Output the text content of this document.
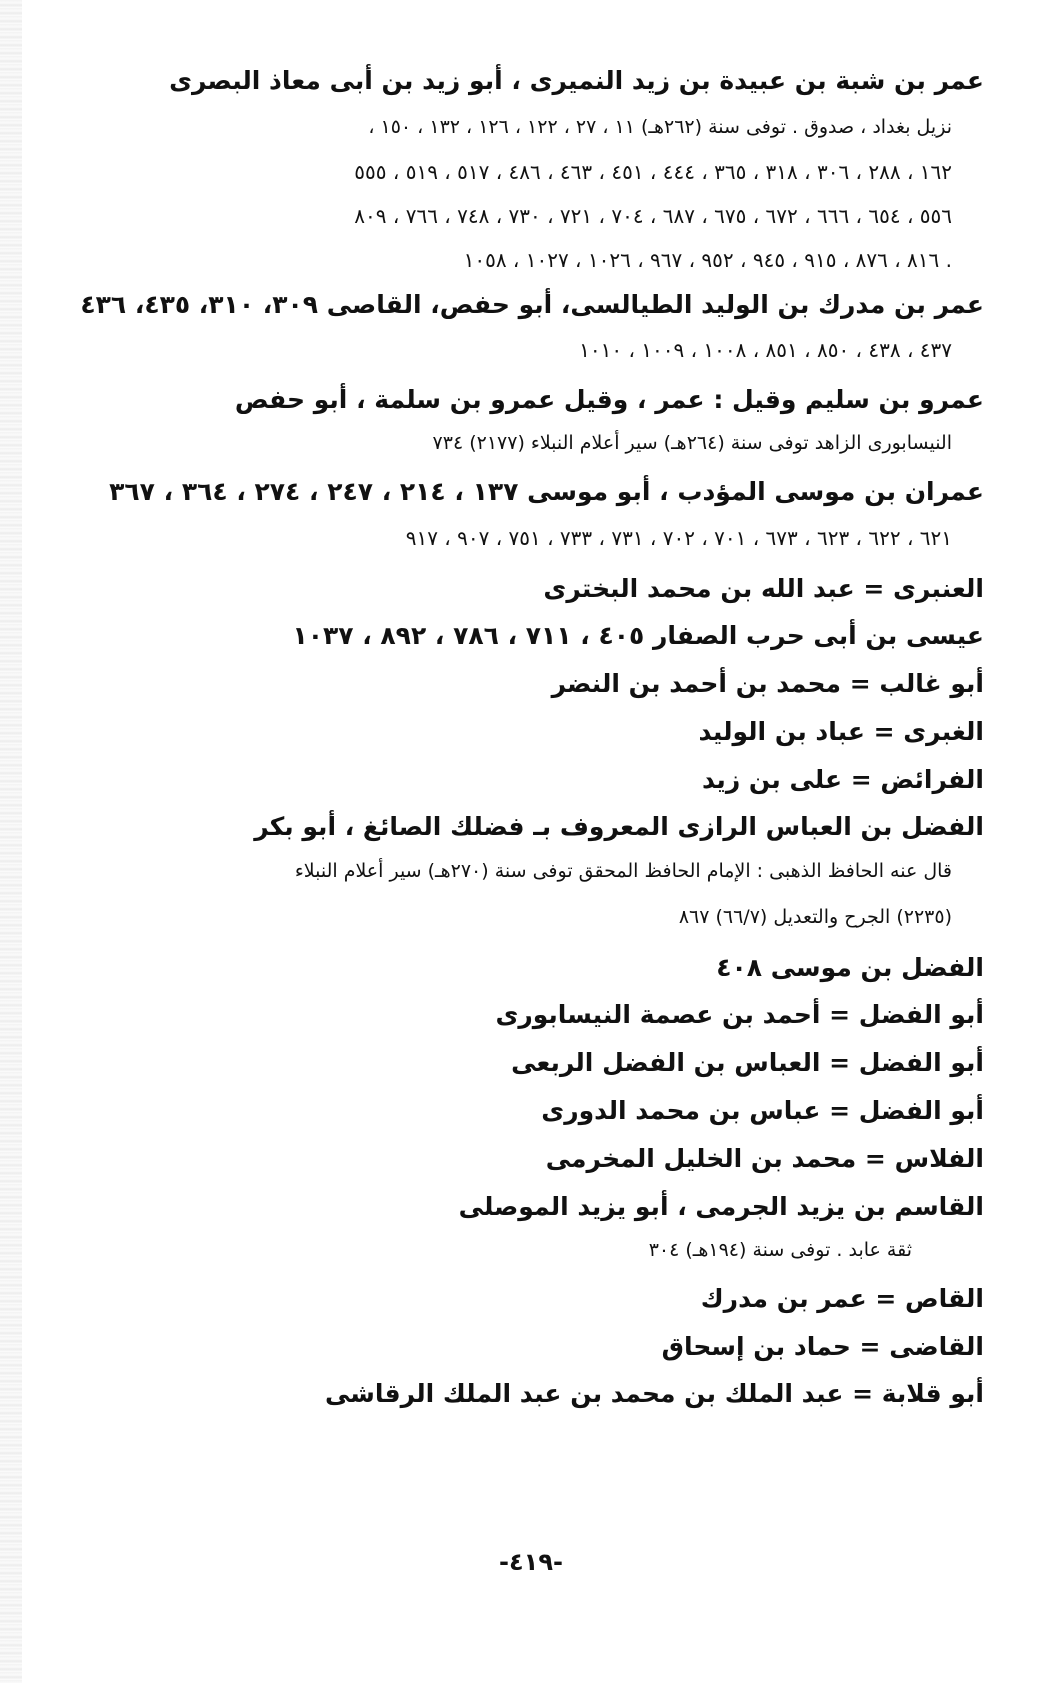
عمر بن شبة بن عبيدة بن زيد النميرى ، أبو زيد بن أبى معاذ البصرى
نزيل بغداد ، صدوق . توفى سنة (٢٦٢هـ) ١١ ، ٢٧ ، ١٢٢ ، ١٢٦ ، ١٣٢ ، ١٥٠ ،
١٦٢ ، ٢٨٨ ، ٣٠٦ ، ٣١٨ ، ٣٦٥ ، ٤٤٤ ، ٤٥١ ، ٤٦٣ ، ٤٨٦ ، ٥١٧ ، ٥١٩ ، ٥٥٥
٥٥٦ ، ٦٥٤ ، ٦٦٦ ، ٦٧٢ ، ٦٧٥ ، ٦٨٧ ، ٧٠٤ ، ٧٢١ ، ٧٣٠ ، ٧٤٨ ، ٧٦٦ ، ٨٠٩
٨١٦ ، ٨٧٦ ، ٩١٥ ، ٩٤٥ ، ٩٥٢ ، ٩٦٧ ، ١٠٢٦ ، ١٠٢٧ ، ١٠٥٨ .
عمر بن مدرك بن الوليد الطيالسى، أبو حفص، القاصى ٣٠٩، ٣١٠، ٤٣٥، ٤٣٦
٤٣٧ ، ٤٣٨ ، ٨٥٠ ، ٨٥١ ، ١٠٠٨ ، ١٠٠٩ ، ١٠١٠
عمرو بن سليم وقيل : عمر ، وقيل عمرو بن سلمة ، أبو حفص
النيسابورى الزاهد توفى سنة (٢٦٤هـ) سير أعلام النبلاء (٢١٧٧) ٧٣٤
عمران بن موسى المؤدب ، أبو موسى ١٣٧ ، ٢١٤ ، ٢٤٧ ، ٢٧٤ ، ٣٦٤ ، ٣٦٧
٦٢١ ، ٦٢٢ ، ٦٢٣ ، ٦٧٣ ، ٧٠١ ، ٧٠٢ ، ٧٣١ ، ٧٣٣ ، ٧٥١ ، ٩٠٧ ، ٩١٧
العنبرى = عبد الله بن محمد البخترى
عيسى بن أبى حرب الصفار ٤٠٥ ، ٧١١ ، ٧٨٦ ، ٨٩٢ ، ١٠٣٧
أبو غالب = محمد بن أحمد بن النضر
الغبرى = عباد بن الوليد
الفرائض = على بن زيد
الفضل بن العباس الرازى المعروف بـ فضلك الصائغ ، أبو بكر
قال عنه الحافظ الذهبى : الإمام الحافظ المحقق توفى سنة (٢٧٠هـ) سير أعلام النبلاء
(٢٢٣٥) الجرح والتعديل (٦٦/٧) ٨٦٧
الفضل بن موسى ٤٠٨
أبو الفضل = أحمد بن عصمة النيسابورى
أبو الفضل = العباس بن الفضل الربعى
أبو الفضل = عباس بن محمد الدورى
الفلاس = محمد بن الخليل المخرمى
القاسم بن يزيد الجرمى ، أبو يزيد الموصلى
ثقة عابد . توفى سنة (١٩٤هـ) ٣٠٤
القاص = عمر بن مدرك
القاضى = حماد بن إسحاق
أبو قلابة = عبد الملك بن محمد بن عبد الملك الرقاشى
-٤١٩-
